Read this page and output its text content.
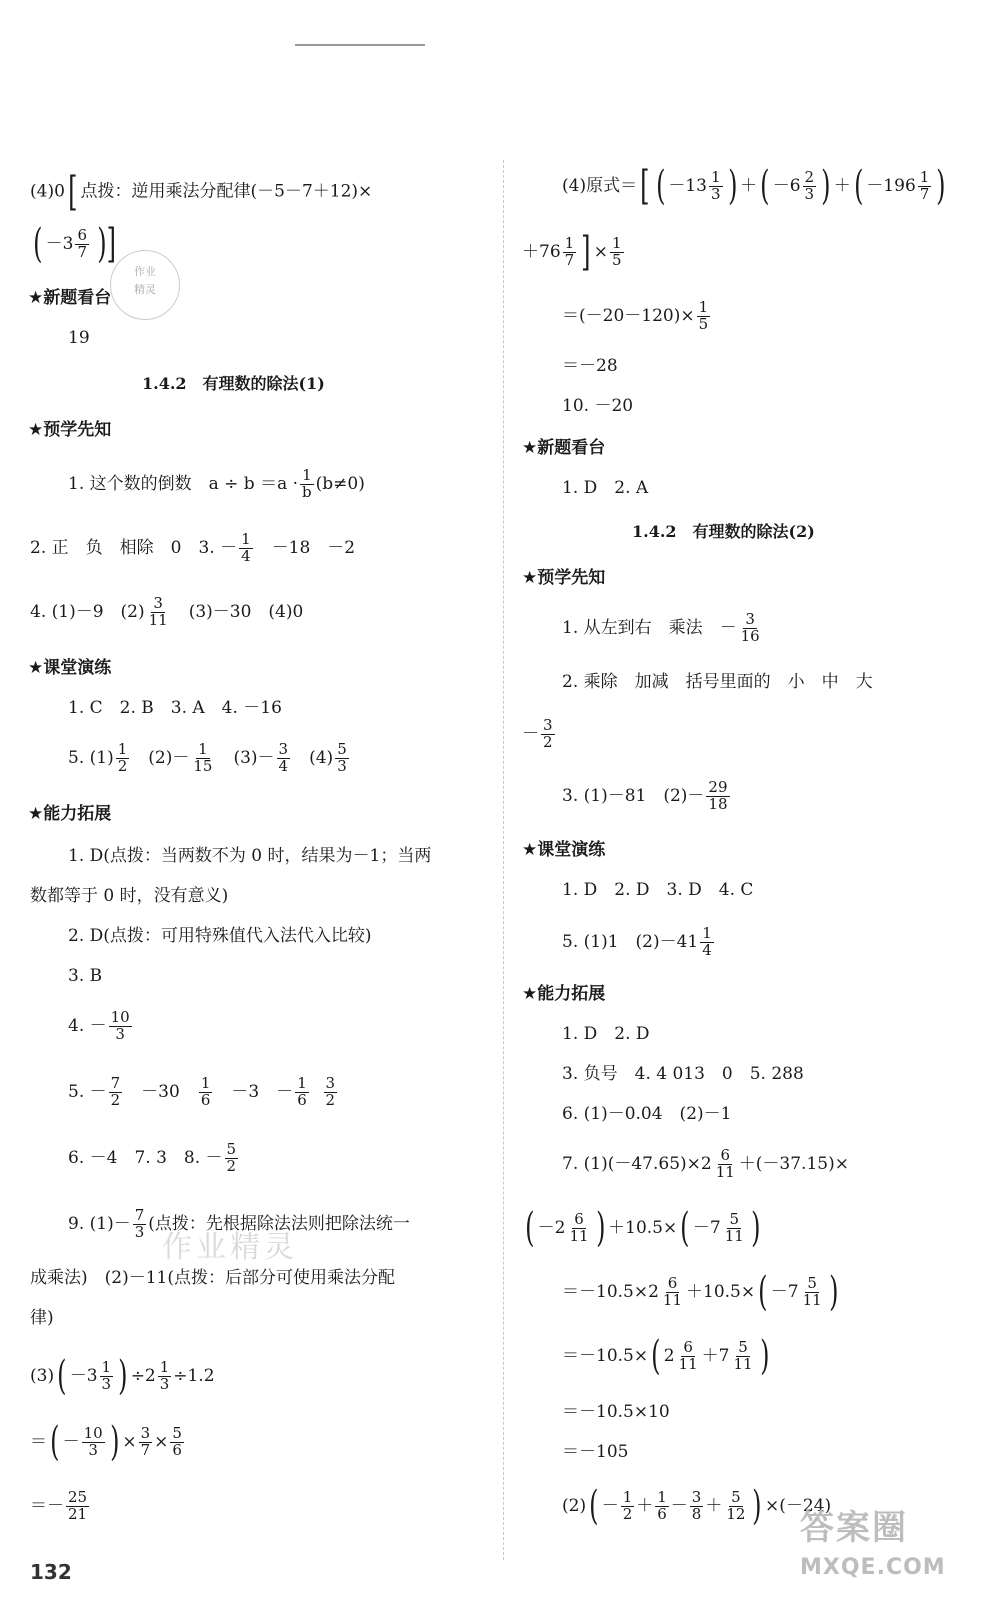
(4)0[ 点拨：逆用乘法分配律(－5－7＋12)×
( $-3 \frac{6}{7}$ )]
作业
精灵
★新题看台
19
1.4.2　有理数的除法(1)
★预学先知
1. 这个数的倒数　$a \div b =a \cdot \frac{1}{b} (b\ne 0)$
2. 正　负　相除　0　3. － $\frac{1}{4}$ 　－18　－2
4. (1)－9　$(2) \frac{3}{11}$ 　(3)－30　(4)0
★课堂演练
1. C　2. B　3. A　4. －16
5. $(1) \frac{1}{2}$ 　$(2)- \frac{1}{15}$ 　$(3)- \frac{3}{4}$ 　$(4) \frac{5}{3}$
★能力拓展
1. D(点拨：当两数不为 0 时，结果为－1；当两
数都等于 0 时，没有意义)
2. D(点拨：可用特殊值代入法代入比较)
3. B
4. － $\frac{10}{3}$
5. － $\frac{7}{2}$ 　－30　 $\frac{1}{6}$ 　－3　－ $\frac{1}{6}$
$\frac{3}{2}$
6. －4　7. 3　8. － $\frac{5}{2}$
作业精灵
9. $(1)- \frac{7}{3}$ (点拨：先根据除法法则把除法统一
成乘法)　(2)－11(点拨：后部分可使用乘法分配
律)
$(3)( -3 \frac{1}{3}$ ) $\div 2 \frac{1}{3} \div 1.2$
＝( － $\frac{10}{3}$ ) × $\frac{3}{7} \times \frac{5}{6}$
＝－ $\frac{25}{21}$
132
(4)原式＝[ ( $-13 \frac{1}{3}$ ) ＋( $-6 \frac{2}{3}$ ) ＋( $-196 \frac{1}{7}$ )
$+76 \frac{1}{7}$ ] × $\frac{1}{5}$
$=(-20-120)\times \frac{1}{5}$
＝－28
10. －20
★新题看台
1. D　2. A
1.4.2　有理数的除法(2)
★预学先知
1. 从左到右　乘法　－ $\frac{3}{16}$
2. 乘除　加减　括号里面的　小　中　大
－ $\frac{3}{2}$
3. (1)－81　$(2)- \frac{29}{18}$
★课堂演练
1. D　2. D　3. D　4. C
5. (1)1　$(2)-41 \frac{1}{4}$
★能力拓展
1. D　2. D
3. 负号　4. 4 013　0　5. 288
6. (1)－0.04　(2)－1
7. $(1)(-47.65)\times 2 \frac{6}{11} +(-37.15)\times$
( $-2 \frac{6}{11}$ ) $+10.5\times( -7 \frac{5}{11}$ )
$=-10.5\times 2 \frac{6}{11} +10.5\times( -7 \frac{5}{11}$ )
＝－10.5×( $2 \frac{6}{11} +7 \frac{5}{11}$ )
＝－10.5×10
＝－105
$(2)( - \frac{1}{2} + \frac{1}{6} - \frac{3}{8} + \frac{5}{12}$ ) ×(－24)
答案圈
MXQE.COM
